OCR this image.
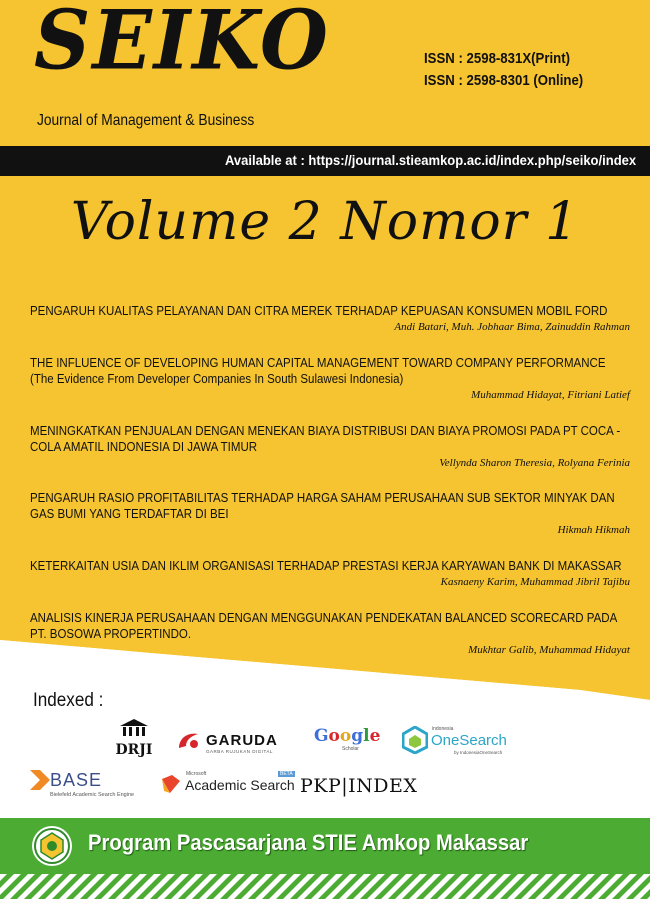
SEIKO
Journal of Management & Business
ISSN : 2598-831X(Print)
ISSN : 2598-8301 (Online)
Available at : https://journal.stieamkop.ac.id/index.php/seiko/index
Volume 2 Nomor 1
PENGARUH KUALITAS PELAYANAN DAN CITRA MEREK TERHADAP KEPUASAN KONSUMEN MOBIL FORD
Andi Batari, Muh. Jobhaar Bima, Zainuddin Rahman
THE INFLUENCE OF DEVELOPING HUMAN CAPITAL MANAGEMENT TOWARD COMPANY PERFORMANCE
(The Evidence From Developer Companies In South Sulawesi Indonesia)
Muhammad Hidayat, Fitriani Latief
MENINGKATKAN PENJUALAN DENGAN MENEKAN BIAYA DISTRIBUSI DAN BIAYA PROMOSI PADA PT COCA -
COLA AMATIL INDONESIA DI JAWA TIMUR
Vellynda Sharon Theresia, Rolyana Ferinia
PENGARUH RASIO PROFITABILITAS TERHADAP HARGA SAHAM PERUSAHAAN SUB SEKTOR MINYAK DAN
GAS BUMI YANG TERDAFTAR DI BEI
Hikmah Hikmah
KETERKAITAN USIA DAN IKLIM ORGANISASI TERHADAP PRESTASI KERJA KARYAWAN BANK DI MAKASSAR
Kasnaeny Karim, Muhammad Jibril Tajibu
ANALISIS KINERJA PERUSAHAAN DENGAN MENGGUNAKAN PENDEKATAN BALANCED SCORECARD PADA
PT. BOSOWA PROPERTINDO.
Mukhtar Galib, Muhammad Hidayat
Indexed :
DRJI
GARUDA
GARBA RUJUKAN DIGITAL
Google
Scholar
indonesia
OneSearch
by IndonesiaOneSearch
BASE
Bielefeld Academic Search Engine
Microsoft
Academic Search
BETA
PKP|INDEX
Program Pascasarjana STIE Amkop Makassar
